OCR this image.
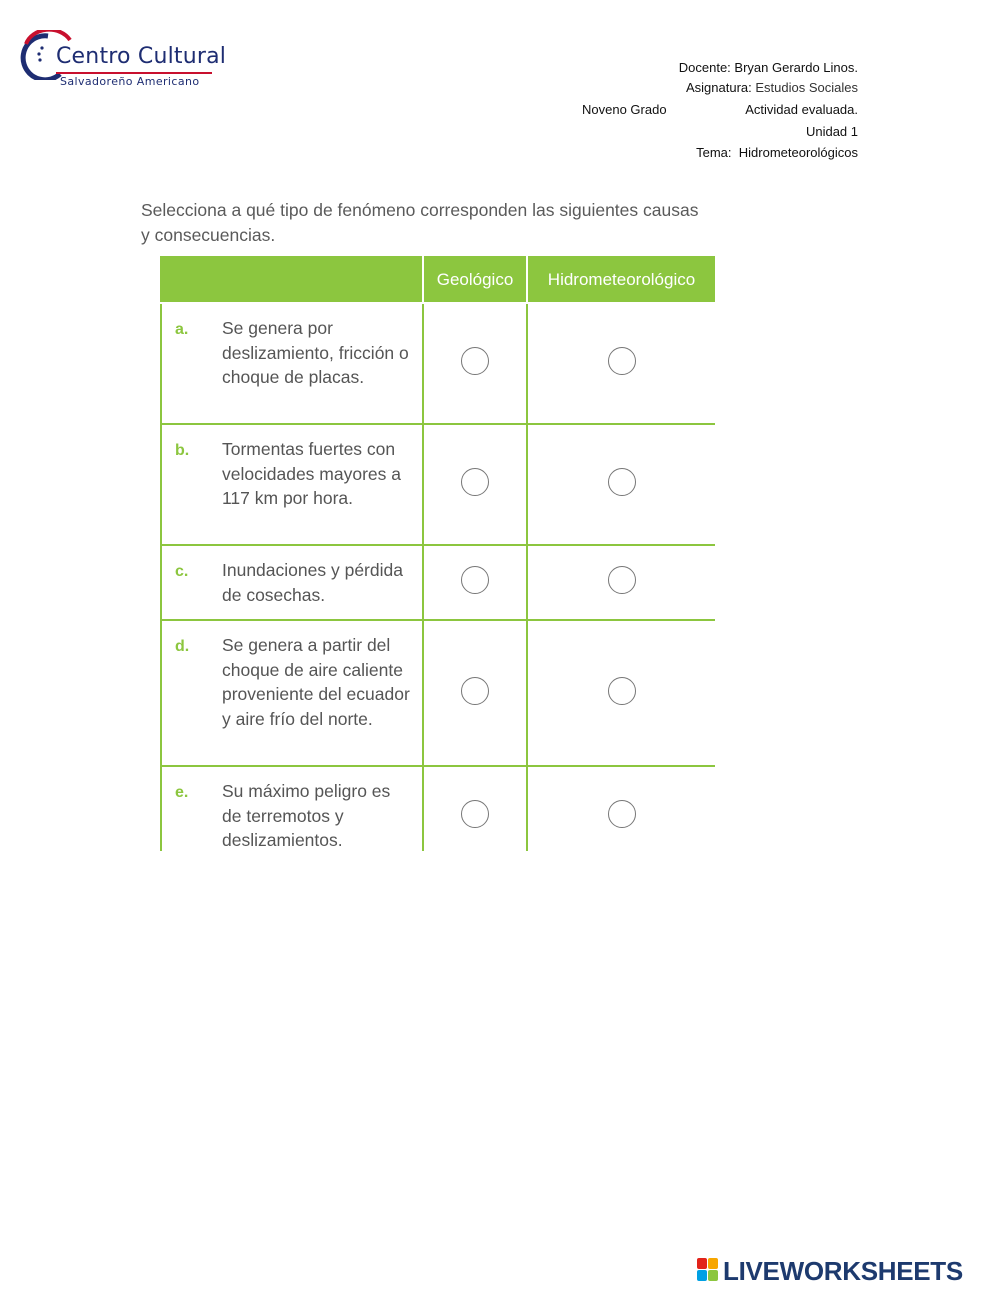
Centro Cultural
Salvadoreño Americano
Docente: Bryan Gerardo Linos.
Asignatura: Estudios Sociales
Noveno Grado	Actividad evaluada.
Unidad 1
Tema: Hidrometeorológicos
Selecciona a qué tipo de fenómeno corresponden las siguientes causas y consecuencias.
	Geológico	Hidrometeorológico

a. Se genera por deslizamiento, fricción o choque de placas.		

b. Tormentas fuertes con velocidades mayores a 117 km por hora.		

c. Inundaciones y pérdida de cosechas.		

d. Se genera a partir del choque de aire caliente proveniente del ecuador y aire frío del norte.		

e. Su máximo peligro es de terremotos y deslizamientos.		

LIVEWORKSHEETS
